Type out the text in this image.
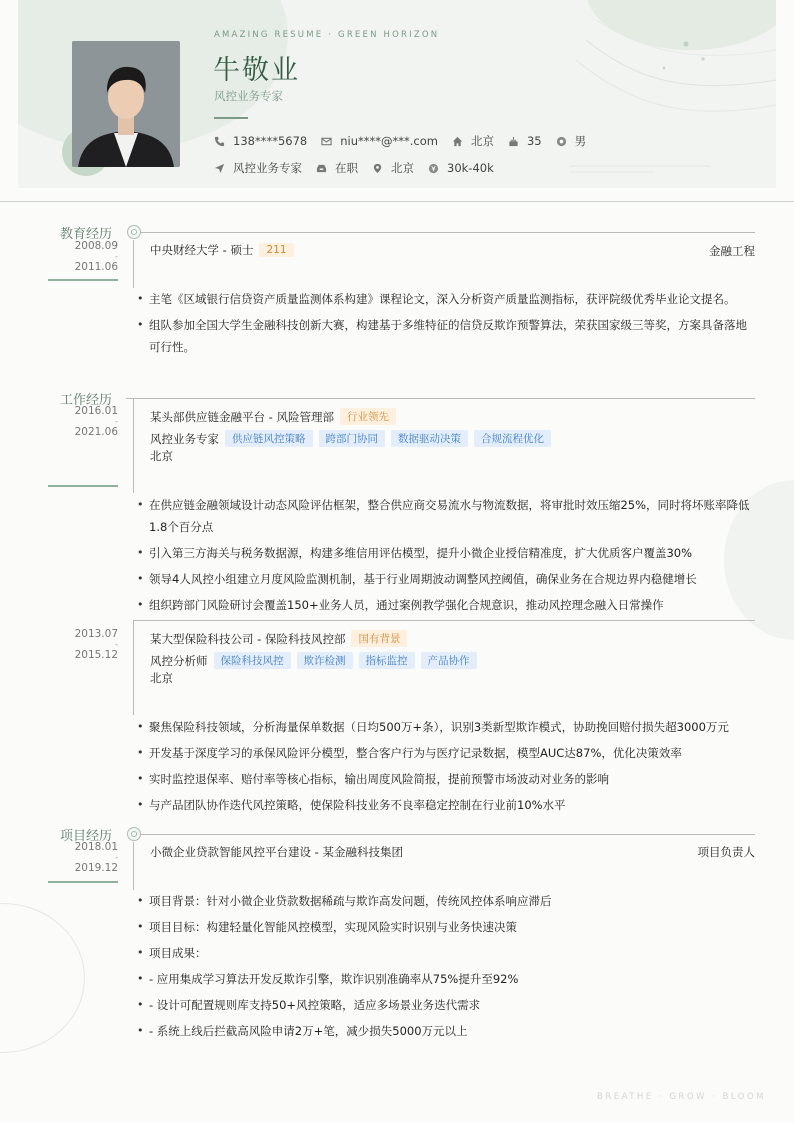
AMAZING RESUME · GREEN HORIZON
牛敬业
风控业务专家
138****5678	niu****@***.com	北京	35	男
风控业务专家	在职	北京	30k-40k
教育经历
2008.09
-
2011.06
中央财经大学 - 硕士	211	金融工程
• 主笔《区域银行信贷资产质量监测体系构建》课程论文，深入分析资产质量监测指标，获评院级优秀毕业论文提名。
• 组队参加全国大学生金融科技创新大赛，构建基于多维特征的信贷反欺诈预警算法，荣获国家级三等奖，方案具备落地可行性。
工作经历
2016.01
-
2021.06
某头部供应链金融平台 - 风险管理部	行业领先
风控业务专家	供应链风控策略	跨部门协同	数据驱动决策	合规流程优化
北京
• 在供应链金融领域设计动态风险评估框架，整合供应商交易流水与物流数据，将审批时效压缩25%，同时将坏账率降低1.8个百分点
• 引入第三方海关与税务数据源，构建多维信用评估模型，提升小微企业授信精准度，扩大优质客户覆盖30%
• 领导4人风控小组建立月度风险监测机制，基于行业周期波动调整风控阈值，确保业务在合规边界内稳健增长
• 组织跨部门风险研讨会覆盖150+业务人员，通过案例教学强化合规意识，推动风控理念融入日常操作
2013.07
-
2015.12
某大型保险科技公司 - 保险科技风控部	国有背景
风控分析师	保险科技风控	欺诈检测	指标监控	产品协作
北京
• 聚焦保险科技领域，分析海量保单数据（日均500万+条），识别3类新型欺诈模式，协助挽回赔付损失超3000万元
• 开发基于深度学习的承保风险评分模型，整合客户行为与医疗记录数据，模型AUC达87%，优化决策效率
• 实时监控退保率、赔付率等核心指标，输出周度风险简报，提前预警市场波动对业务的影响
• 与产品团队协作迭代风控策略，使保险科技业务不良率稳定控制在行业前10%水平
项目经历
2018.01
-
2019.12
小微企业贷款智能风控平台建设 - 某金融科技集团	项目负责人
• 项目背景：针对小微企业贷款数据稀疏与欺诈高发问题，传统风控体系响应滞后
• 项目目标：构建轻量化智能风控模型，实现风险实时识别与业务快速决策
• 项目成果：
• - 应用集成学习算法开发反欺诈引擎，欺诈识别准确率从75%提升至92%
• - 设计可配置规则库支持50+风控策略，适应多场景业务迭代需求
• - 系统上线后拦截高风险申请2万+笔，减少损失5000万元以上
BREATHE · GROW · BLOOM
